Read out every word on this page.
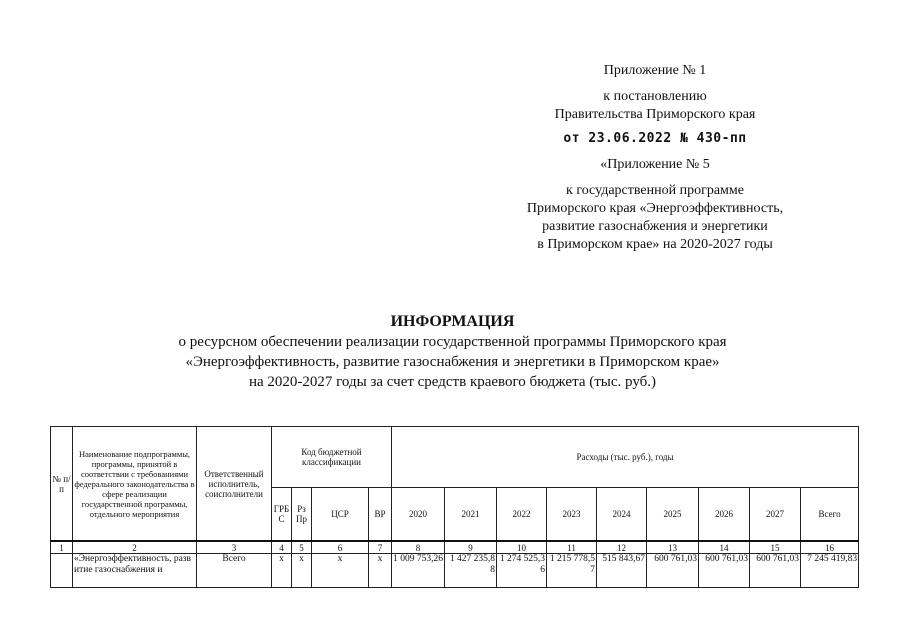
Приложение № 1
к постановлению
Правительства Приморского края
от 23.06.2022 № 430-пп
«Приложение № 5
к государственной программе
Приморского края «Энергоэффективность,
развитие газоснабжения и энергетики
в Приморском крае» на 2020-2027 годы
ИНФОРМАЦИЯ
о ресурсном обеспечении реализации государственной программы Приморского края
«Энергоэффективность, развитие газоснабжения и энергетики в Приморском крае»
на 2020-2027 годы за счет средств краевого бюджета (тыс. руб.)
№ п/п	Наименование подпрограммы, программы, принятой в соответствии с требованиями федерального законодательства в сфере реализации государственной программы, отдельного мероприятия	Ответственный исполнитель, соисполнители	Код бюджетной классификации				Расходы (тыс. руб.), годы								
			ГРБ С	Рз Пр	ЦСР	ВР	2020	2021	2022	2023	2024	2025	2026	2027	Всего
1	2	3	4	5	6	7	8	9	10	11	12	13	14	15	16
	«Энергоэффективность, развитие газоснабжения и	Всего	х	х	х	х	1 009 753,26	1 427 235,88	1 274 525,36	1 215 778,57	515 843,67	600 761,03	600 761,03	600 761,03	7 245 419,83
